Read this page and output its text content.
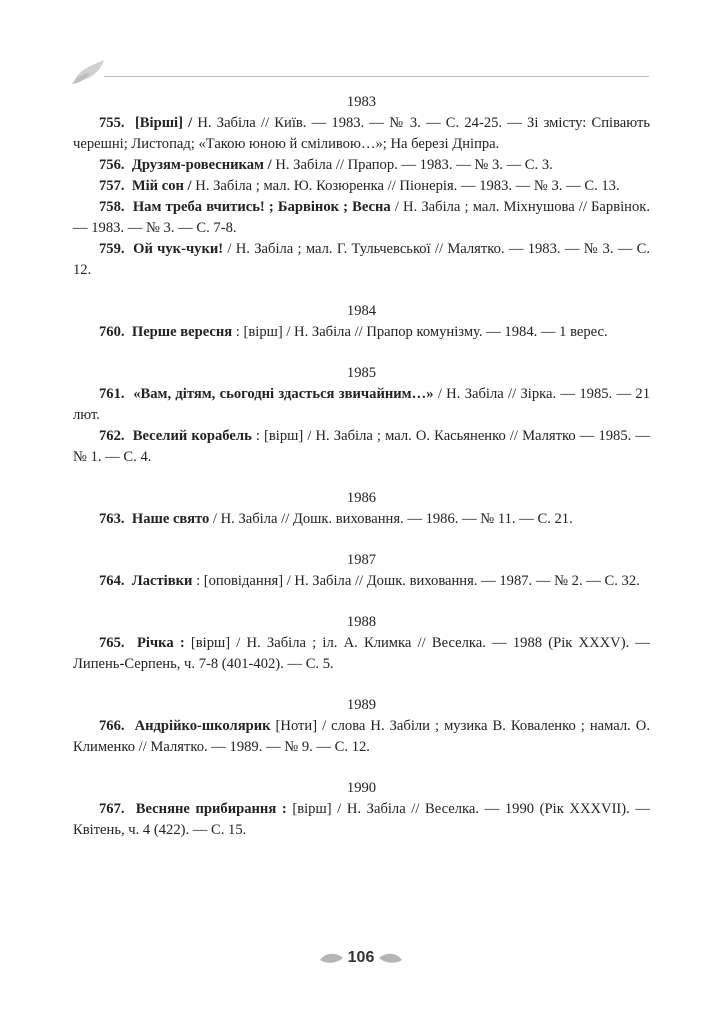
1983
755. [Вірші] / Н. Забіла // Київ. — 1983. — № 3. — С. 24-25. — Зі змісту: Співають черешні; Листопад; «Такою юною й сміливою…»; На березі Дніпра.
756. Друзям-ровесникам / Н. Забіла // Прапор. — 1983. — № 3. — С. 3.
757. Мій сон / Н. Забіла ; мал. Ю. Козюренка // Піонерія. — 1983. — № 3. — С. 13.
758. Нам треба вчитись! ; Барвінок ; Весна / Н. Забіла ; мал. Міхнушова // Барвінок. — 1983. — № 3. — С. 7-8.
759. Ой чук-чуки! / Н. Забіла ; мал. Г. Тульчевської // Малятко. — 1983. — № 3. — С. 12.
1984
760. Перше вересня : [вірш] / Н. Забіла // Прапор комунізму. — 1984. — 1 верес.
1985
761. «Вам, дітям, сьогодні здасться звичайним…» / Н. Забіла // Зірка. — 1985. — 21 лют.
762. Веселий корабель : [вірш] / Н. Забіла ; мал. О. Касьяненко // Малятко — 1985. — № 1. — С. 4.
1986
763. Наше свято / Н. Забіла // Дошк. виховання. — 1986. — № 11. — С. 21.
1987
764. Ластівки : [оповідання] / Н. Забіла // Дошк. виховання. — 1987. — № 2. — С. 32.
1988
765. Річка : [вірш] / Н. Забіла ; іл. А. Климка // Веселка. — 1988 (Рік XXXV). — Липень-Серпень, ч. 7-8 (401-402). — С. 5.
1989
766. Андрійко-школярик [Ноти] / слова Н. Забіли ; музика В. Коваленко ; намал. О. Клименко // Малятко. — 1989. — № 9. — С. 12.
1990
767. Весняне прибирання : [вірш] / Н. Забіла // Веселка. — 1990 (Рік XXXVII). — Квітень, ч. 4 (422). — С. 15.
106
